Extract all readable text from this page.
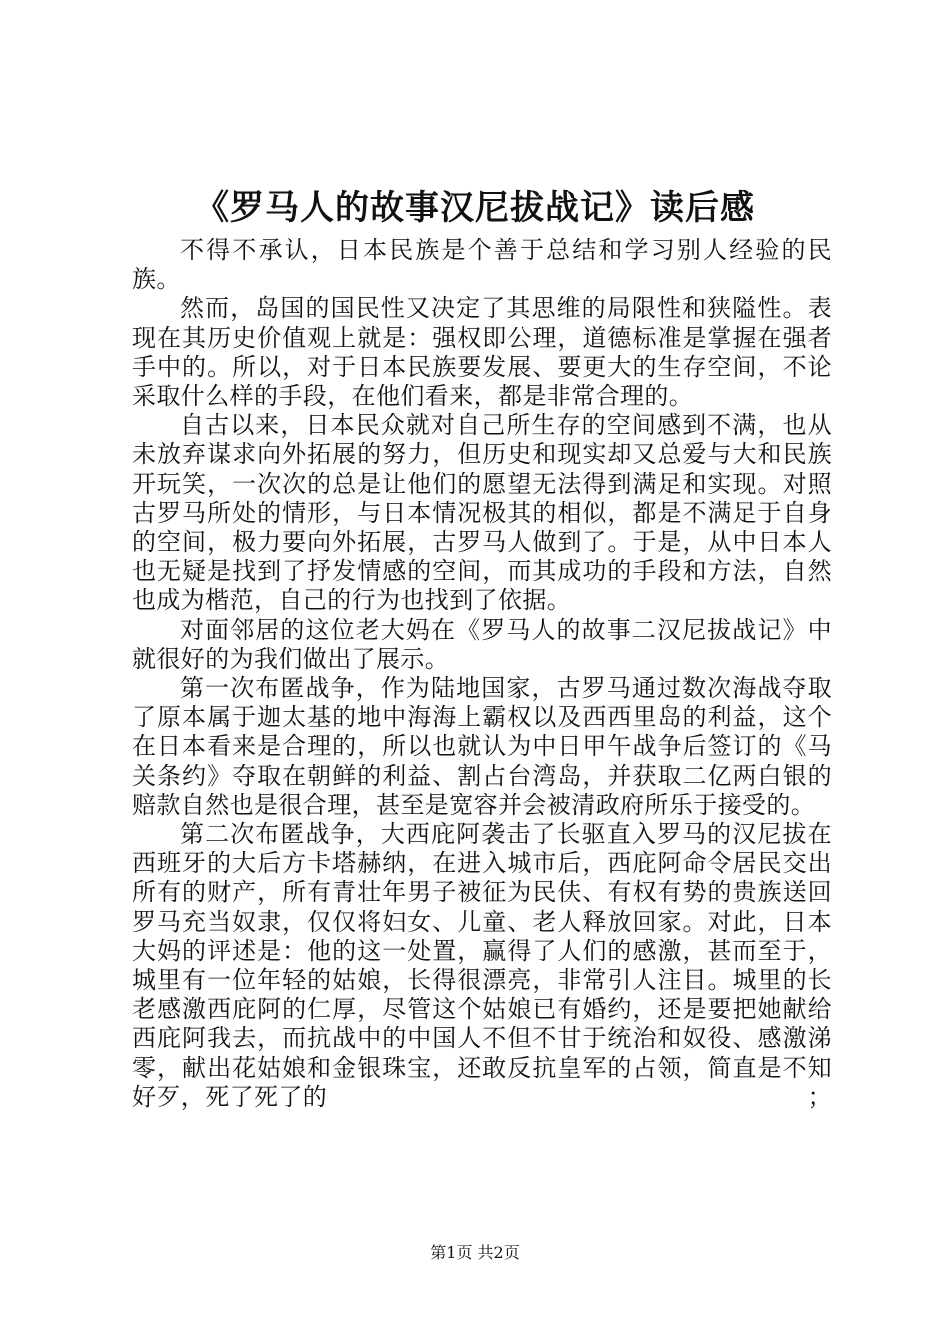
《罗马人的故事汉尼拔战记》读后感

不得不承认，日本民族是个善于总结和学习别人经验的民族。

然而，岛国的国民性又决定了其思维的局限性和狭隘性。表现在其历史价值观上就是：强权即公理，道德标准是掌握在强者手中的。所以，对于日本民族要发展、要更大的生存空间，不论采取什么样的手段，在他们看来，都是非常合理的。

自古以来，日本民众就对自己所生存的空间感到不满，也从未放弃谋求向外拓展的努力，但历史和现实却又总爱与大和民族开玩笑，一次次的总是让他们的愿望无法得到满足和实现。对照古罗马所处的情形，与日本情况极其的相似，都是不满足于自身的空间，极力要向外拓展，古罗马人做到了。于是，从中日本人也无疑是找到了抒发情感的空间，而其成功的手段和方法，自然也成为楷范，自己的行为也找到了依据。

对面邻居的这位老大妈在《罗马人的故事二汉尼拔战记》中就很好的为我们做出了展示。

第一次布匿战争，作为陆地国家，古罗马通过数次海战夺取了原本属于迦太基的地中海海上霸权以及西西里岛的利益，这个在日本看来是合理的，所以也就认为中日甲午战争后签订的《马关条约》夺取在朝鲜的利益、割占台湾岛，并获取二亿两白银的赔款自然也是很合理，甚至是宽容并会被清政府所乐于接受的。

第二次布匿战争，大西庇阿袭击了长驱直入罗马的汉尼拔在西班牙的大后方卡塔赫纳，在进入城市后，西庇阿命令居民交出所有的财产，所有青壮年男子被征为民伕、有权有势的贵族送回罗马充当奴隶，仅仅将妇女、儿童、老人释放回家。对此，日本大妈的评述是：他的这一处置，赢得了人们的感激，甚而至于，城里有一位年轻的姑娘，长得很漂亮，非常引人注目。城里的长老感激西庇阿的仁厚，尽管这个姑娘已有婚约，还是要把她献给西庇阿我去，而抗战中的中国人不但不甘于统治和奴役、感激涕零，献出花姑娘和金银珠宝，还敢反抗皇军的占领，简直是不知好歹，死了死了的	；

第1页 共2页
